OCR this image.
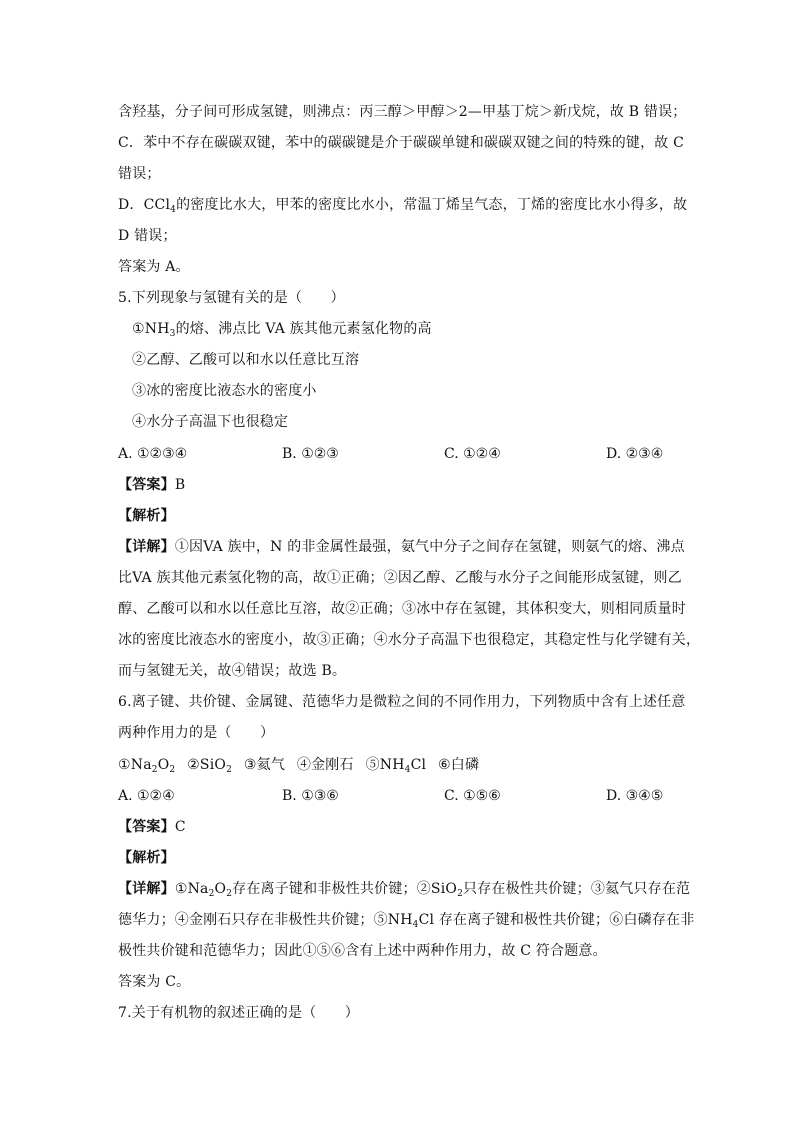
含羟基，分子间可形成氢键，则沸点：丙三醇＞甲醇＞2—甲基丁烷＞新戊烷，故 B 错误；
C．苯中不存在碳碳双键，苯中的碳碳键是介于碳碳单键和碳碳双键之间的特殊的键，故 C
错误；
D．CCl$_4$的密度比水大，甲苯的密度比水小，常温丁烯呈气态，丁烯的密度比水小得多，故
D 错误；
答案为 A。
5.下列现象与氢键有关的是（　　）
$①NH_3$的熔、沸点比 VA 族其他元素氢化物的高
②乙醇、乙酸可以和水以任意比互溶
③冰的密度比液态水的密度小
④水分子高温下也很稳定
A. ①②③④	B. ①②③	C. ①②④	D. ②③④
【答案】B
【解析】
【详解】①因VA 族中，N 的非金属性最强，氨气中分子之间存在氢键，则氨气的熔、沸点
比VA 族其他元素氢化物的高，故①正确；②因乙醇、乙酸与水分子之间能形成氢键，则乙
醇、乙酸可以和水以任意比互溶，故②正确；③冰中存在氢键，其体积变大，则相同质量时
冰的密度比液态水的密度小，故③正确；④水分子高温下也很稳定，其稳定性与化学键有关，
而与氢键无关，故④错误；故选 B。
6.离子键、共价键、金属键、范德华力是微粒之间的不同作用力，下列物质中含有上述任意
两种作用力的是（　　）
$①Na_2O_2$   ②SiO$_2$   ③氦气   ④金刚石   $⑤NH_4Cl$   ⑥白磷
A. ①②④	B. ①③⑥	C. ①⑤⑥	D. ③④⑤
【答案】C
【解析】
【详解】$①Na_2O_2$存在离子键和非极性共价键；②SiO$_2$只存在极性共价键；③氦气只存在范
德华力；④金刚石只存在非极性共价键；$⑤NH_4Cl$ 存在离子键和极性共价键；⑥白磷存在非
极性共价键和范德华力；因此①⑤⑥含有上述中两种作用力，故 C 符合题意。
答案为 C。
7.关于有机物的叙述正确的是（　　）
